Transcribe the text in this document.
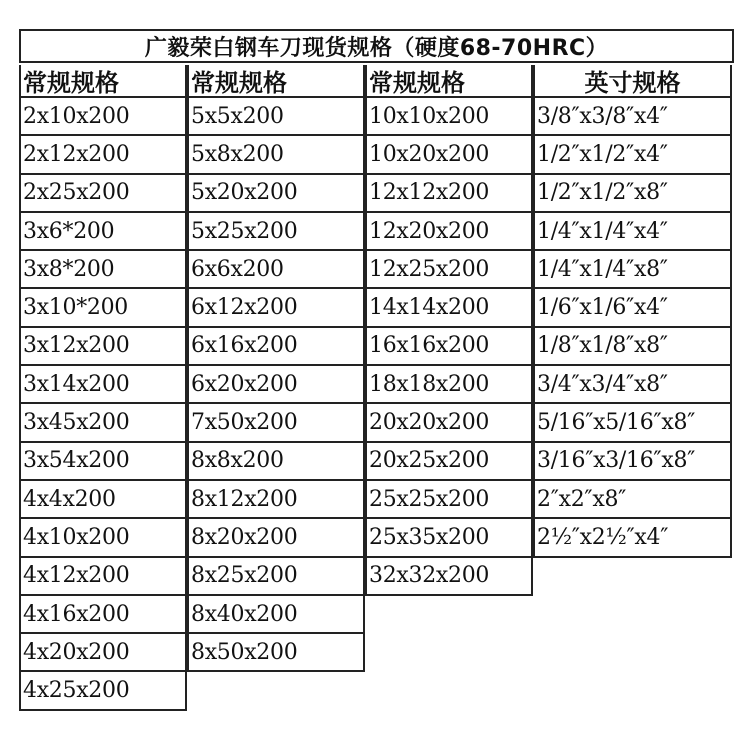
广毅荣白钢车刀现货规格（硬度68-70HRC）
常规规格
2x10x200
2x12x200
2x25x200
3x6*200
3x8*200
3x10*200
3x12x200
3x14x200
3x45x200
3x54x200
4x4x200
4x10x200
4x12x200
4x16x200
4x20x200
4x25x200
常规规格
5x5x200
5x8x200
5x20x200
5x25x200
6x6x200
6x12x200
6x16x200
6x20x200
7x50x200
8x8x200
8x12x200
8x20x200
8x25x200
8x40x200
8x50x200
常规规格
10x10x200
10x20x200
12x12x200
12x20x200
12x25x200
14x14x200
16x16x200
18x18x200
20x20x200
20x25x200
25x25x200
25x35x200
32x32x200
英寸规格
3/8″x3/8″x4″
1/2″x1/2″x4″
1/2″x1/2″x8″
1/4″x1/4″x4″
1/4″x1/4″x8″
1/6″x1/6″x4″
1/8″x1/8″x8″
3/4″x3/4″x8″
5/16″x5/16″x8″
3/16″x3/16″x8″
2″x2″x8″
2½″x2½″x4″
